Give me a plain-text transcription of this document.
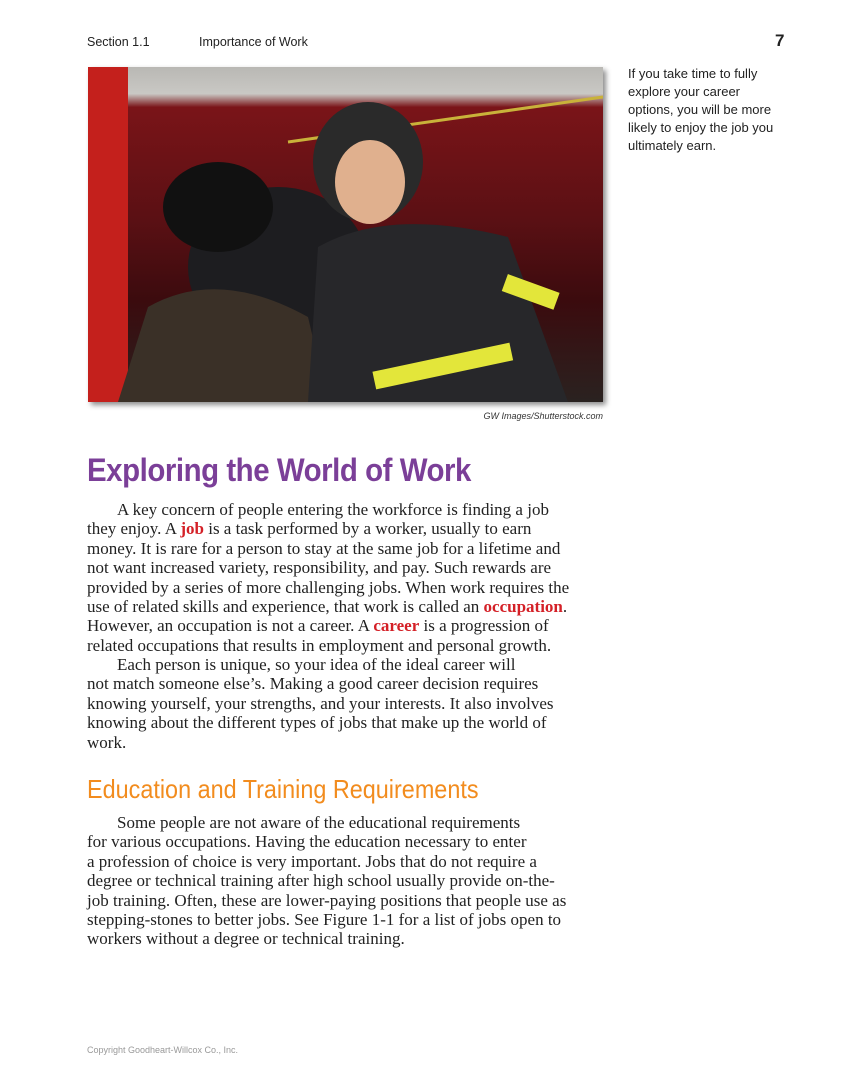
Section 1.1	Importance of Work	7
GW Images/Shutterstock.com
If you take time to fully explore your career options, you will be more likely to enjoy the job you ultimately earn.
Exploring the World of Work
A key concern of people entering the workforce is finding a job
they enjoy. A job is a task performed by a worker, usually to earn
money. It is rare for a person to stay at the same job for a lifetime and
not want increased variety, responsibility, and pay. Such rewards are
provided by a series of more challenging jobs. When work requires the
use of related skills and experience, that work is called an occupation.
However, an occupation is not a career. A career is a progression of
related occupations that results in employment and personal growth.
Each person is unique, so your idea of the ideal career will
not match someone else’s. Making a good career decision requires
knowing yourself, your strengths, and your interests. It also involves
knowing about the different types of jobs that make up the world of
work.
Education and Training Requirements
Some people are not aware of the educational requirements
for various occupations. Having the education necessary to enter
a profession of choice is very important. Jobs that do not require a
degree or technical training after high school usually provide on-the-
job training. Often, these are lower-paying positions that people use as
stepping-stones to better jobs. See Figure 1-1 for a list of jobs open to
workers without a degree or technical training.
Copyright Goodheart-Willcox Co., Inc.
